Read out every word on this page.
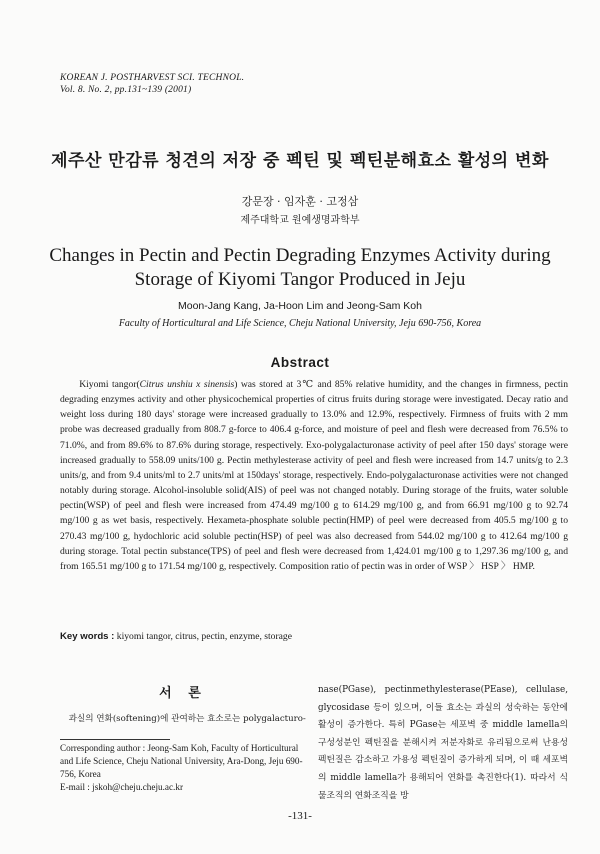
KOREAN J. POSTHARVEST SCI. TECHNOL.
Vol. 8. No. 2, pp.131~139 (2001)
제주산 만감류 청견의 저장 중 펙틴 및 펙틴분해효소 활성의 변화
강문장 · 임자훈 · 고정삼
제주대학교 원예생명과학부
Changes in Pectin and Pectin Degrading Enzymes Activity during
Storage of Kiyomi Tangor Produced in Jeju
Moon-Jang Kang, Ja-Hoon Lim and Jeong-Sam Koh
Faculty of Horticultural and Life Science, Cheju National University, Jeju 690-756, Korea
Abstract

Kiyomi tangor(Citrus unshiu x sinensis) was stored at 3℃ and 85% relative humidity, and the changes in firmness, pectin degrading enzymes activity and other physicochemical properties of citrus fruits during storage were investigated. Decay ratio and weight loss during 180 days' storage were increased gradually to 13.0% and 12.9%, respectively. Firmness of fruits with 2 mm probe was decreased gradually from 808.7 g-force to 406.4 g-force, and moisture of peel and flesh were decreased from 76.5% to 71.0%, and from 89.6% to 87.6% during storage, respectively. Exo-polygalacturonase activity of peel after 150 days' storage were increased gradually to 558.09 units/100 g. Pectin methylesterase activity of peel and flesh were increased from 14.7 units/g to 2.3 units/g, and from 9.4 units/ml to 2.7 units/ml at 150days' storage, respectively. Endo-polygalacturonase activities were not changed notably during storage. Alcohol-insoluble solid(AIS) of peel was not changed notably. During storage of the fruits, water soluble pectin(WSP) of peel and flesh were increased from 474.49 mg/100 g to 614.29 mg/100 g, and from 66.91 mg/100 g to 92.74 mg/100 g as wet basis, respectively. Hexameta-phosphate soluble pectin(HMP) of peel were decreased from 405.5 mg/100 g to 270.43 mg/100 g, hydochloric acid soluble pectin(HSP) of peel was also decreased from 544.02 mg/100 g to 412.64 mg/100 g during storage. Total pectin substance(TPS) of peel and flesh were decreased from 1,424.01 mg/100 g to 1,297.36 mg/100 g, and from 165.51 mg/100 g to 171.54 mg/100 g, respectively. Composition ratio of pectin was in order of WSP 〉 HSP 〉 HMP.

Key words : kiyomi tangor, citrus, pectin, enzyme, storage
서 론
과실의 연화(softening)에 관여하는 효소로는 polygalacturo-

Corresponding author : Jeong-Sam Koh, Faculty of Horticultural and Life Science, Cheju National University, Ara-Dong, Jeju 690-756, Korea

E-mail : jskoh@cheju.cheju.ac.kr

nase(PGase), pectinmethylesterase(PEase), cellulase, glycosidase 등이 있으며, 이들 효소는 과실의 성숙하는 동안에 활성이 증가한다. 특히 PGase는 세포벽 중 middle lamella의 구성성분인 펙틴질을 분해시켜 저분자화로 유리됨으로써 난용성 펙틴질은 감소하고 가용성 펙틴질이 증가하게 되며, 이 때 세포벽의 middle lamella가 용해되어 연화를 촉진한다(1). 따라서 식물조직의 연화조직을 방

-131-
